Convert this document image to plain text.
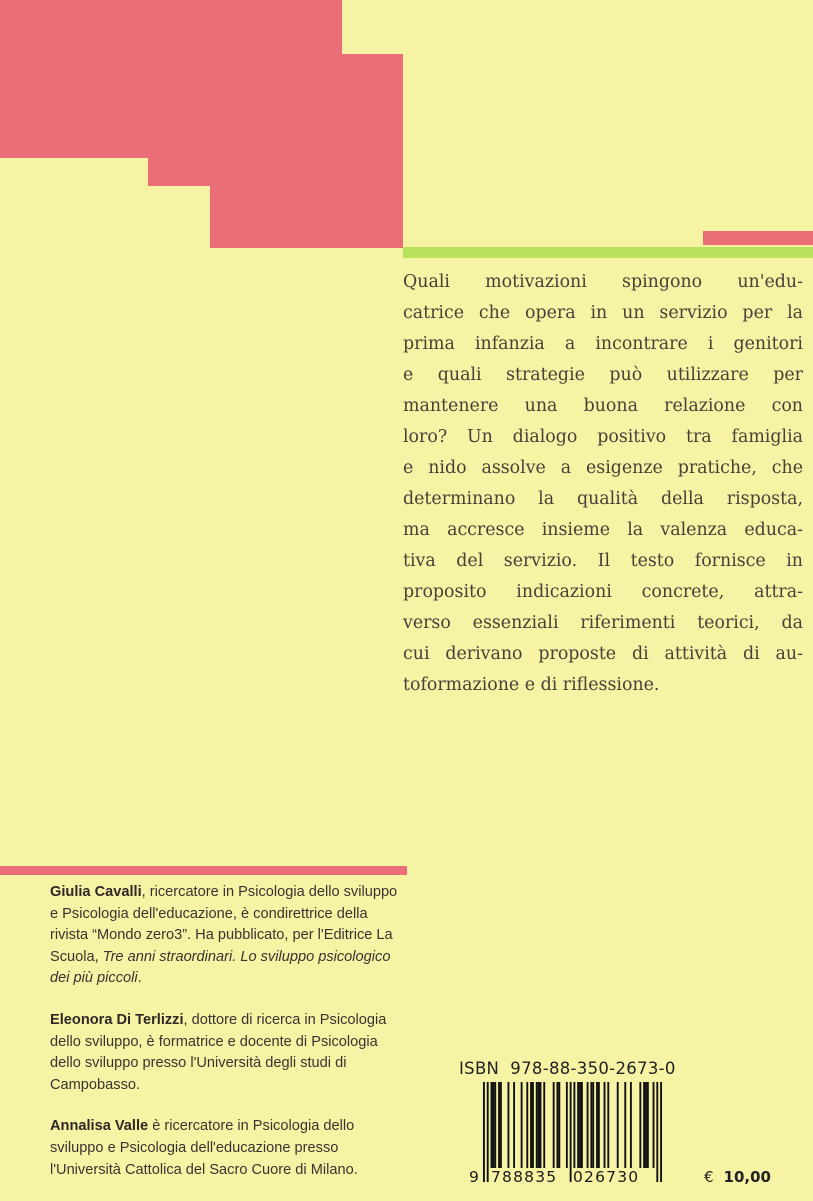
Quali motivazioni spingono un'edu-
catrice che opera in un servizio per la
prima infanzia a incontrare i genitori
e quali strategie può utilizzare per
mantenere una buona relazione con
loro? Un dialogo positivo tra famiglia
e nido assolve a esigenze pratiche, che
determinano la qualità della risposta,
ma accresce insieme la valenza educa-
tiva del servizio. Il testo fornisce in
proposito indicazioni concrete, attra-
verso essenziali riferimenti teorici, da
cui derivano proposte di attività di au-
toformazione e di riflessione.

Giulia Cavalli, ricercatore in Psicologia dello sviluppo e Psicologia dell'educazione, è condirettrice della rivista “Mondo zero3”. Ha pubblicato, per l'Editrice La Scuola, Tre anni straordinari. Lo sviluppo psicologico dei più piccoli.

Eleonora Di Terlizzi, dottore di ricerca in Psicologia dello sviluppo, è formatrice e docente di Psicologia dello sviluppo presso l'Università degli studi di Campobasso.

Annalisa Valle è ricercatore in Psicologia dello sviluppo e Psicologia dell'educazione presso l'Università Cattolica del Sacro Cuore di Milano.

ISBN 978-88-350-2673-0
9 788835 026730	€ 10,00
